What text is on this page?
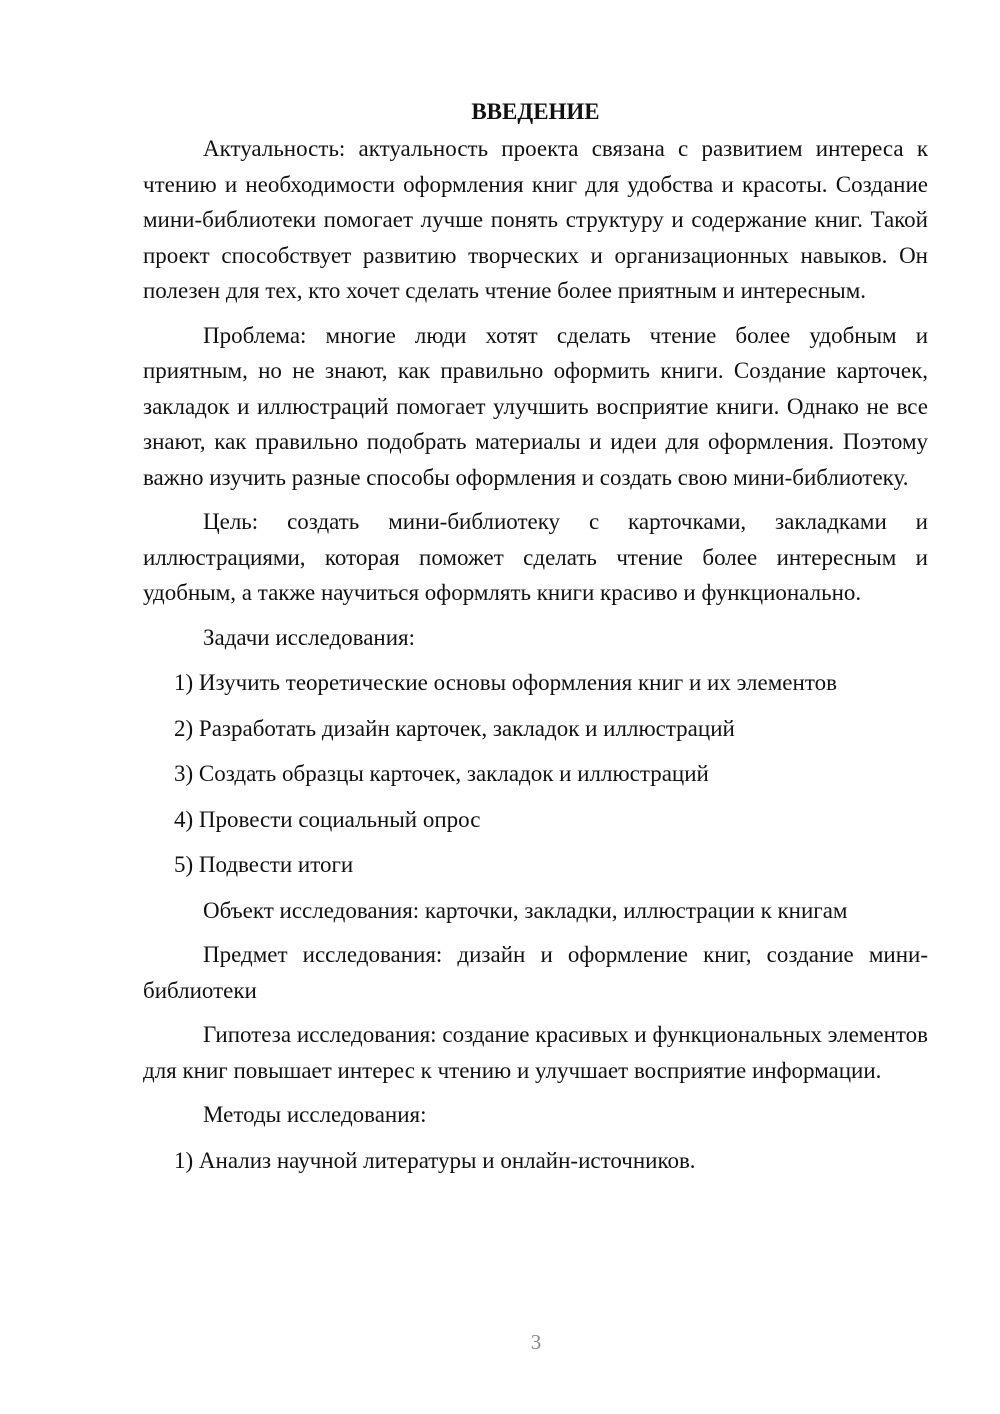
ВВЕДЕНИЕ

Актуальность: актуальность проекта связана с развитием интереса к чтению и необходимости оформления книг для удобства и красоты. Создание мини-библиотеки помогает лучше понять структуру и содержание книг. Такой проект способствует развитию творческих и организационных навыков. Он полезен для тех, кто хочет сделать чтение более приятным и интересным.

Проблема: многие люди хотят сделать чтение более удобным и приятным, но не знают, как правильно оформить книги. Создание карточек, закладок и иллюстраций помогает улучшить восприятие книги. Однако не все знают, как правильно подобрать материалы и идеи для оформления. Поэтому важно изучить разные способы оформления и создать свою мини-библиотеку.

Цель: создать мини-библиотеку с карточками, закладками и иллюстрациями, которая поможет сделать чтение более интересным и удобным, а также научиться оформлять книги красиво и функционально.

Задачи исследования:

1) Изучить теоретические основы оформления книг и их элементов

2) Разработать дизайн карточек, закладок и иллюстраций

3) Создать образцы карточек, закладок и иллюстраций

4) Провести социальный опрос

5) Подвести итоги

Объект исследования: карточки, закладки, иллюстрации к книгам

Предмет исследования: дизайн и оформление книг, создание мини-библиотеки

Гипотеза исследования: создание красивых и функциональных элементов для книг повышает интерес к чтению и улучшает восприятие информации.

Методы исследования:

1) Анализ научной литературы и онлайн-источников.

3
